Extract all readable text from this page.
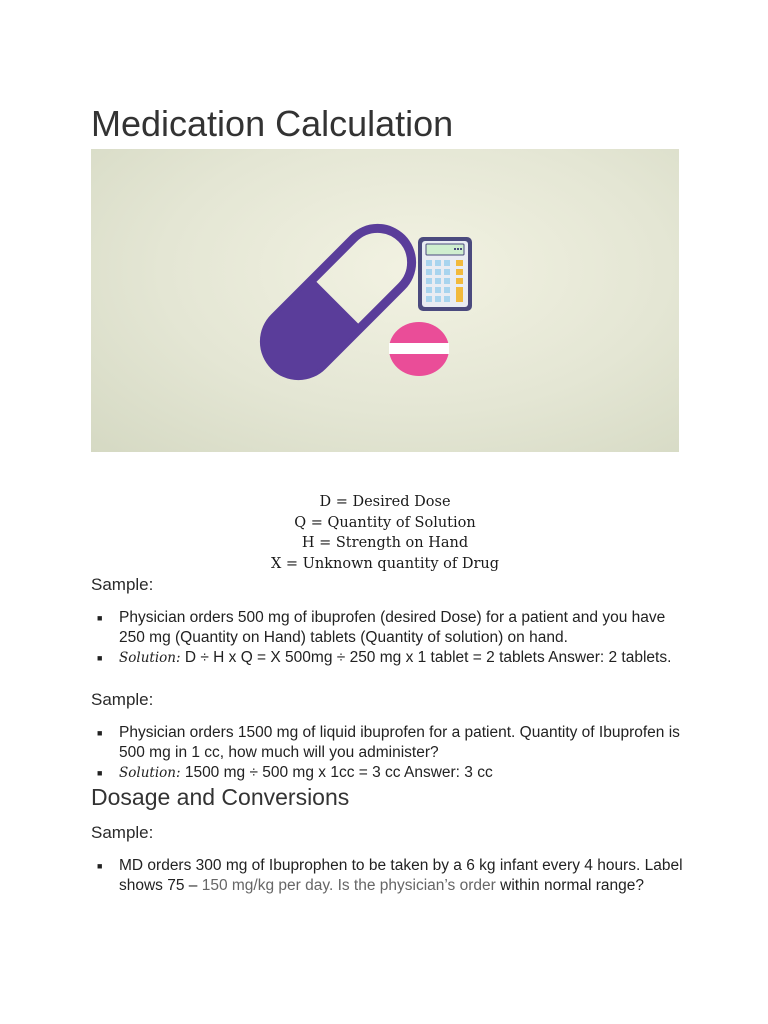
Medication Calculation
D = Desired Dose
Q = Quantity of Solution
H = Strength on Hand
X = Unknown quantity of Drug
Sample:
■ Physician orders 500 mg of ibuprofen (desired Dose) for a patient and you have 250 mg (Quantity on Hand) tablets (Quantity of solution) on hand.
■ Solution: D ÷ H x Q = X 500mg ÷ 250 mg x 1 tablet = 2 tablets Answer: 2 tablets.
Sample:
■ Physician orders 1500 mg of liquid ibuprofen for a patient. Quantity of Ibuprofen is 500 mg in 1 cc, how much will you administer?
■ Solution: 1500 mg ÷ 500 mg x 1cc = 3 cc Answer: 3 cc
Dosage and Conversions
Sample:
■ MD orders 300 mg of Ibuprophen to be taken by a 6 kg infant every 4 hours. Label shows 75 – 150 mg/kg per day. Is the physician’s order within normal range?
